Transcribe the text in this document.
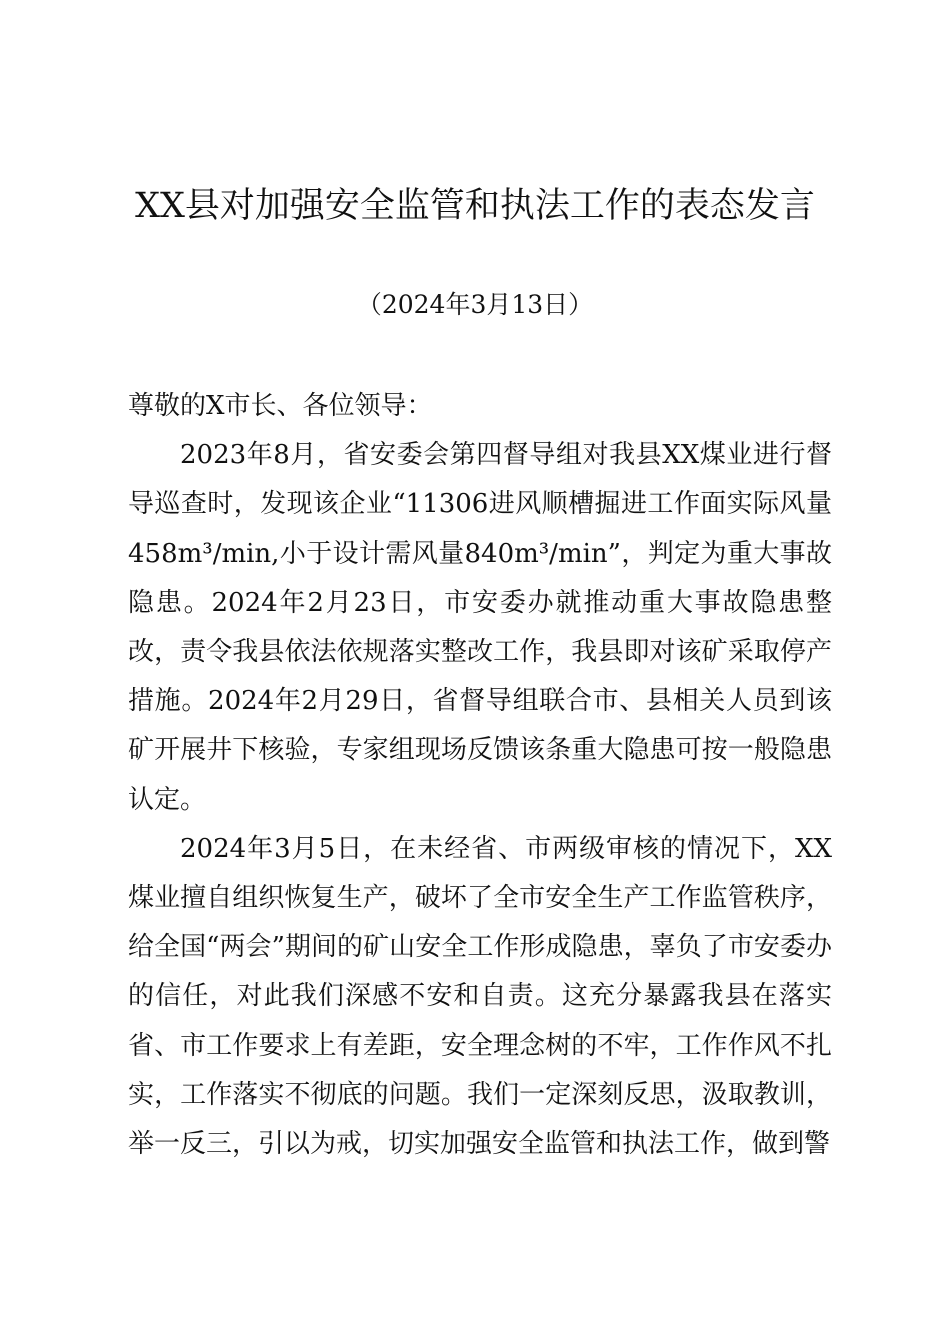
XX县对加强安全监管和执法工作的表态发言

（2024年3月13日）

尊敬的X市长、各位领导：

2023年8月，省安委会第四督导组对我县XX煤业进行督导巡查时，发现该企业“11306进风顺槽掘进工作面实际风量458m³/min,小于设计需风量840m³/min”，判定为重大事故隐患。2024年2月23日，市安委办就推动重大事故隐患整改，责令我县依法依规落实整改工作，我县即对该矿采取停产措施。2024年2月29日，省督导组联合市、县相关人员到该矿开展井下核验，专家组现场反馈该条重大隐患可按一般隐患认定。

2024年3月5日，在未经省、市两级审核的情况下，XX煤业擅自组织恢复生产，破坏了全市安全生产工作监管秩序，给全国“两会”期间的矿山安全工作形成隐患，辜负了市安委办的信任，对此我们深感不安和自责。这充分暴露我县在落实省、市工作要求上有差距，安全理念树的不牢，工作作风不扎实，工作落实不彻底的问题。我们一定深刻反思，汲取教训，举一反三，引以为戒，切实加强安全监管和执法工作，做到警
